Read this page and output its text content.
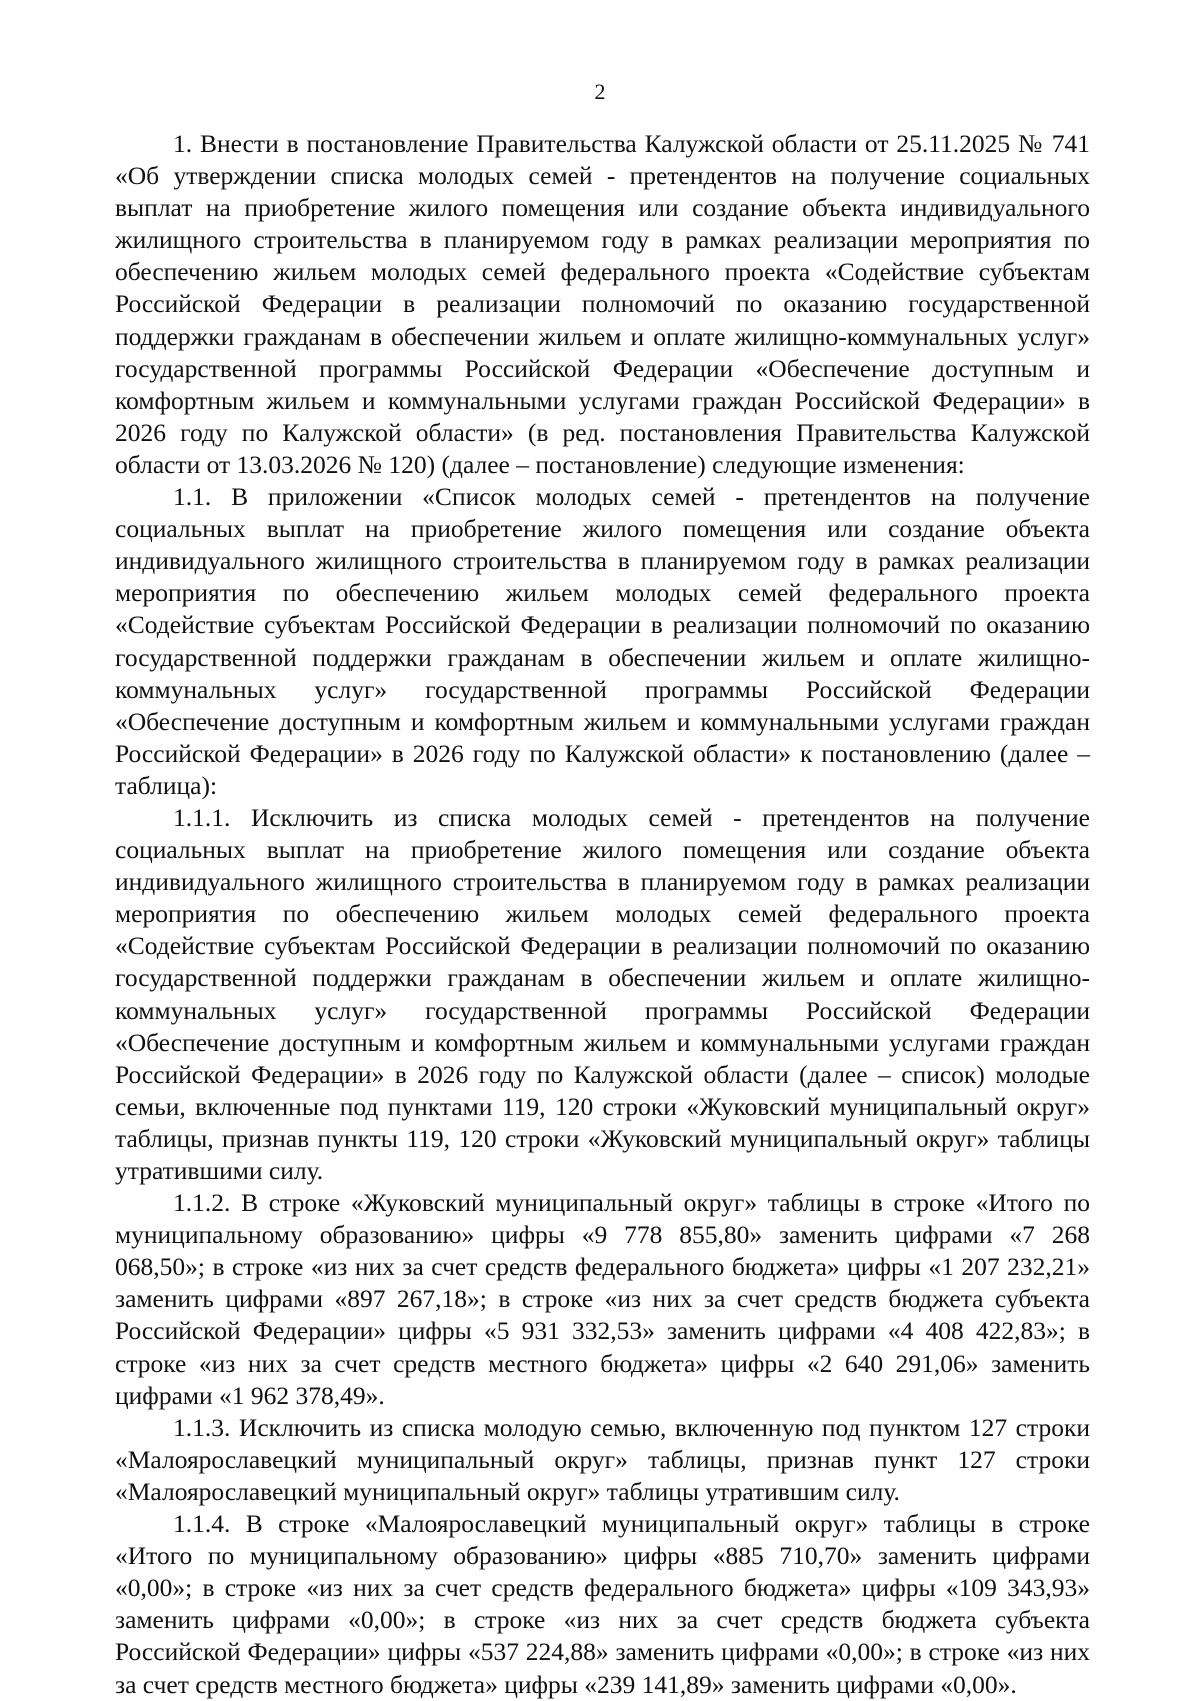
2

1. Внести в постановление Правительства Калужской области от 25.11.2025 № 741 «Об утверждении списка молодых семей - претендентов на получение социальных выплат на приобретение жилого помещения или создание объекта индивидуального жилищного строительства в планируемом году в рамках реализации мероприятия по обеспечению жильем молодых семей федерального проекта «Содействие субъектам Российской Федерации в реализации полномочий по оказанию государственной поддержки гражданам в обеспечении жильем и оплате жилищно-коммунальных услуг» государственной программы Российской Федерации «Обеспечение доступным и комфортным жильем и коммунальными услугами граждан Российской Федерации» в 2026 году по Калужской области» (в ред. постановления Правительства Калужской области от 13.03.2026 № 120) (далее – постановление) следующие изменения:

1.1. В приложении «Список молодых семей - претендентов на получение социальных выплат на приобретение жилого помещения или создание объекта индивидуального жилищного строительства в планируемом году в рамках реализации мероприятия по обеспечению жильем молодых семей федерального проекта «Содействие субъектам Российской Федерации в реализации полномочий по оказанию государственной поддержки гражданам в обеспечении жильем и оплате жилищно-коммунальных услуг» государственной программы Российской Федерации «Обеспечение доступным и комфортным жильем и коммунальными услугами граждан Российской Федерации» в 2026 году по Калужской области» к постановлению (далее – таблица):

1.1.1. Исключить из списка молодых семей - претендентов на получение социальных выплат на приобретение жилого помещения или создание объекта индивидуального жилищного строительства в планируемом году в рамках реализации мероприятия по обеспечению жильем молодых семей федерального проекта «Содействие субъектам Российской Федерации в реализации полномочий по оказанию государственной поддержки гражданам в обеспечении жильем и оплате жилищно-коммунальных услуг» государственной программы Российской Федерации «Обеспечение доступным и комфортным жильем и коммунальными услугами граждан Российской Федерации» в 2026 году по Калужской области (далее – список) молодые семьи, включенные под пунктами 119, 120 строки «Жуковский муниципальный округ» таблицы, признав пункты 119, 120 строки «Жуковский муниципальный округ» таблицы утратившими силу.

1.1.2. В строке «Жуковский муниципальный округ» таблицы в строке «Итого по муниципальному образованию» цифры «9 778 855,80» заменить цифрами «7 268 068,50»; в строке «из них за счет средств федерального бюджета» цифры «1 207 232,21» заменить цифрами «897 267,18»; в строке «из них за счет средств бюджета субъекта Российской Федерации» цифры «5 931 332,53» заменить цифрами «4 408 422,83»; в строке «из них за счет средств местного бюджета» цифры «2 640 291,06» заменить цифрами «1 962 378,49».

1.1.3. Исключить из списка молодую семью, включенную под пунктом 127 строки «Малоярославецкий муниципальный округ» таблицы, признав пункт 127 строки «Малоярославецкий муниципальный округ» таблицы утратившим силу.

1.1.4. В строке «Малоярославецкий муниципальный округ» таблицы в строке «Итого по муниципальному образованию» цифры «885 710,70» заменить цифрами «0,00»; в строке «из них за счет средств федерального бюджета» цифры «109 343,93» заменить цифрами «0,00»; в строке «из них за счет средств бюджета субъекта Российской Федерации» цифры «537 224,88» заменить цифрами «0,00»; в строке «из них за счет средств местного бюджета» цифры «239 141,89» заменить цифрами «0,00».
